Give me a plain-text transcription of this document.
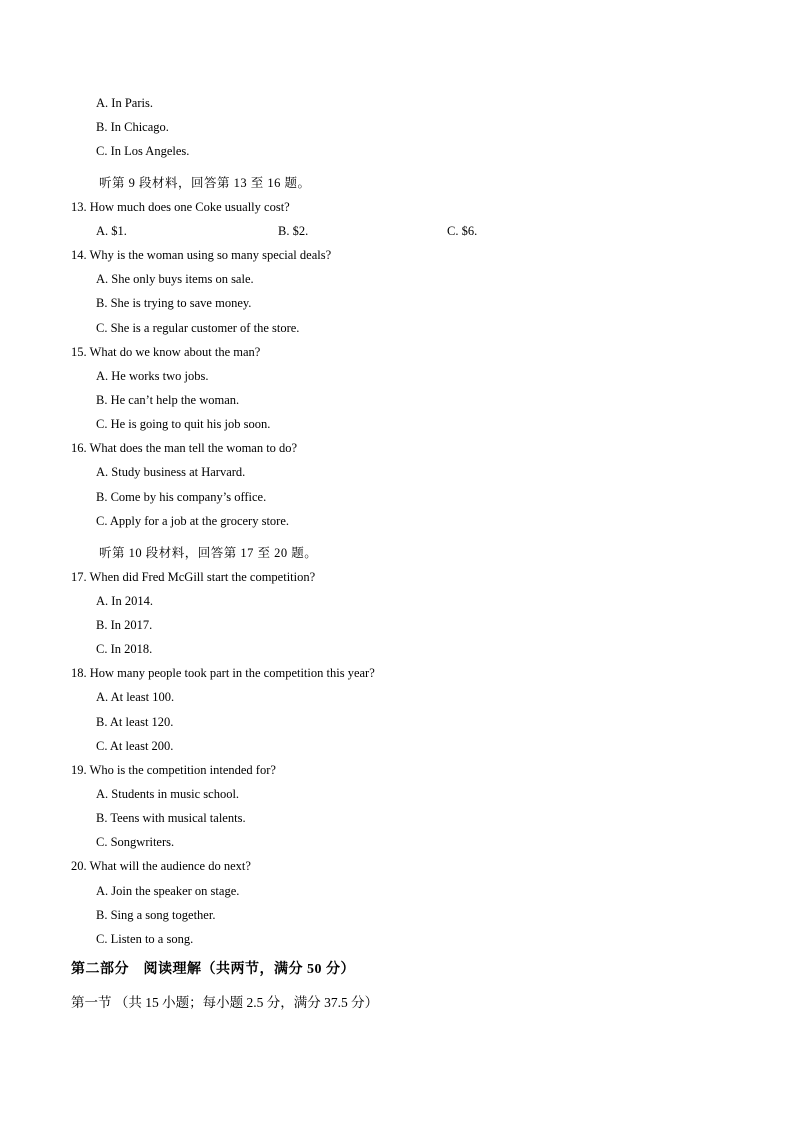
A. In Paris.
B. In Chicago.
C. In Los Angeles.
听第 9 段材料，回答第 13 至 16 题。
13. How much does one Coke usually cost?
A. $1.	B. $2.	C. $6.
14. Why is the woman using so many special deals?
A. She only buys items on sale.
B. She is trying to save money.
C. She is a regular customer of the store.
15. What do we know about the man?
A. He works two jobs.
B. He can’t help the woman.
C. He is going to quit his job soon.
16. What does the man tell the woman to do?
A. Study business at Harvard.
B. Come by his company’s office.
C. Apply for a job at the grocery store.
听第 10 段材料，回答第 17 至 20 题。
17. When did Fred McGill start the competition?
A. In 2014.
B. In 2017.
C. In 2018.
18. How many people took part in the competition this year?
A. At least 100.
B. At least 120.
C. At least 200.
19. Who is the competition intended for?
A. Students in music school.
B. Teens with musical talents.
C. Songwriters.
20. What will the audience do next?
A. Join the speaker on stage.
B. Sing a song together.
C. Listen to a song.
第二部分　阅读理解（共两节，满分 50 分）
第一节 （共 15 小题；每小题 2.5 分，满分 37.5 分）
